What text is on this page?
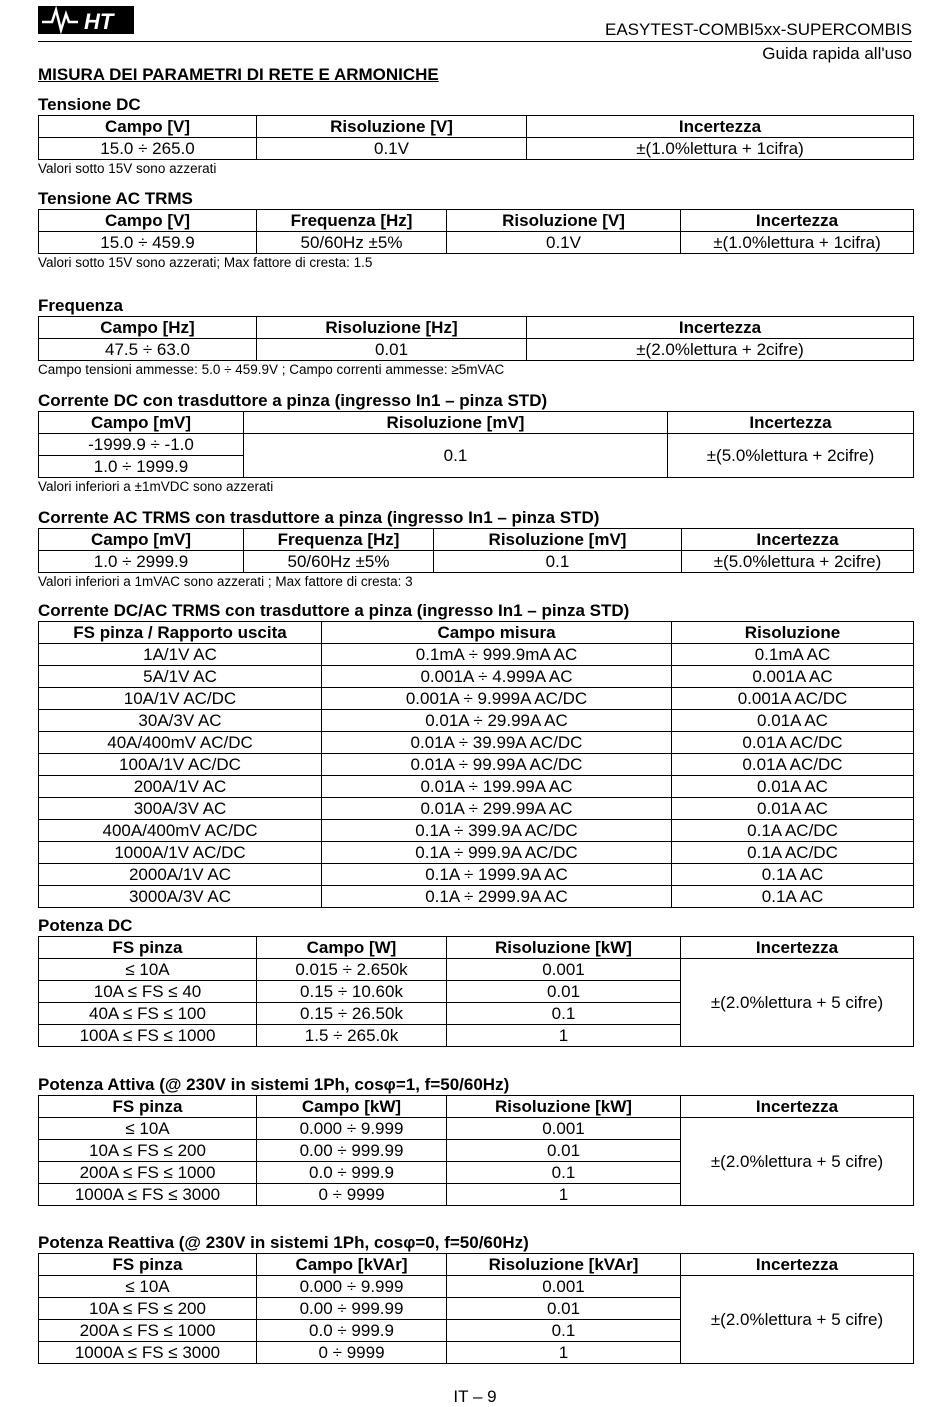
HT	EASYTEST-COMBI5xx-SUPERCOMBIS
Guida rapida all'uso
MISURA DEI PARAMETRI DI RETE E ARMONICHE
Tensione DC
Campo [V]	Risoluzione [V]	Incertezza
15.0 ÷ 265.0	0.1V	±(1.0%lettura + 1cifra)
Valori sotto 15V sono azzerati
Tensione AC TRMS
Campo [V]	Frequenza [Hz]	Risoluzione [V]	Incertezza
15.0 ÷ 459.9	50/60Hz ±5%	0.1V	±(1.0%lettura + 1cifra)
Valori sotto 15V sono azzerati; Max fattore di cresta: 1.5
Frequenza
Campo [Hz]	Risoluzione [Hz]	Incertezza
47.5 ÷ 63.0	0.01	±(2.0%lettura + 2cifre)
Campo tensioni ammesse: 5.0 ÷ 459.9V ; Campo correnti ammesse: ≥5mVAC
Corrente DC con trasduttore a pinza (ingresso In1 – pinza STD)
Campo [mV]	Risoluzione [mV]	Incertezza
-1999.9 ÷ -1.0	0.1	±(5.0%lettura + 2cifre)
1.0 ÷ 1999.9		
Valori inferiori a ±1mVDC sono azzerati
Corrente AC TRMS con trasduttore a pinza (ingresso In1 – pinza STD)
Campo [mV]	Frequenza [Hz]	Risoluzione [mV]	Incertezza
1.0 ÷ 2999.9	50/60Hz ±5%	0.1	±(5.0%lettura + 2cifre)
Valori inferiori a 1mVAC sono azzerati ; Max fattore di cresta: 3
Corrente DC/AC TRMS con trasduttore a pinza (ingresso In1 – pinza STD)
FS pinza / Rapporto uscita	Campo misura	Risoluzione
1A/1V AC	0.1mA ÷ 999.9mA AC	0.1mA AC
5A/1V AC	0.001A ÷ 4.999A AC	0.001A AC
10A/1V AC/DC	0.001A ÷ 9.999A AC/DC	0.001A AC/DC
30A/3V AC	0.01A ÷ 29.99A AC	0.01A AC
40A/400mV AC/DC	0.01A ÷ 39.99A AC/DC	0.01A AC/DC
100A/1V AC/DC	0.01A ÷ 99.99A AC/DC	0.01A AC/DC
200A/1V AC	0.01A ÷ 199.99A AC	0.01A AC
300A/3V AC	0.01A ÷ 299.99A AC	0.01A AC
400A/400mV AC/DC	0.1A ÷ 399.9A AC/DC	0.1A AC/DC
1000A/1V AC/DC	0.1A ÷ 999.9A AC/DC	0.1A AC/DC
2000A/1V AC	0.1A ÷ 1999.9A AC	0.1A AC
3000A/3V AC	0.1A ÷ 2999.9A AC	0.1A AC
Potenza DC
FS pinza	Campo [W]	Risoluzione [kW]	Incertezza
≤ 10A	0.015 ÷ 2.650k	0.001	±(2.0%lettura + 5 cifre)
10A ≤ FS ≤ 40	0.15 ÷ 10.60k	0.01	
40A ≤ FS ≤ 100	0.15 ÷ 26.50k	0.1	
100A ≤ FS ≤ 1000	1.5 ÷ 265.0k	1	
Potenza Attiva (@ 230V in sistemi 1Ph, cosφ=1, f=50/60Hz)
FS pinza	Campo [kW]	Risoluzione [kW]	Incertezza
≤ 10A	0.000 ÷ 9.999	0.001	±(2.0%lettura + 5 cifre)
10A ≤ FS ≤ 200	0.00 ÷ 999.99	0.01	
200A ≤ FS ≤ 1000	0.0 ÷ 999.9	0.1	
1000A ≤ FS ≤ 3000	0 ÷ 9999	1	
Potenza Reattiva (@ 230V in sistemi 1Ph, cosφ=0, f=50/60Hz)
FS pinza	Campo [kVAr]	Risoluzione [kVAr]	Incertezza
≤ 10A	0.000 ÷ 9.999	0.001	±(2.0%lettura + 5 cifre)
10A ≤ FS ≤ 200	0.00 ÷ 999.99	0.01	
200A ≤ FS ≤ 1000	0.0 ÷ 999.9	0.1	
1000A ≤ FS ≤ 3000	0 ÷ 9999	1	
IT – 9
